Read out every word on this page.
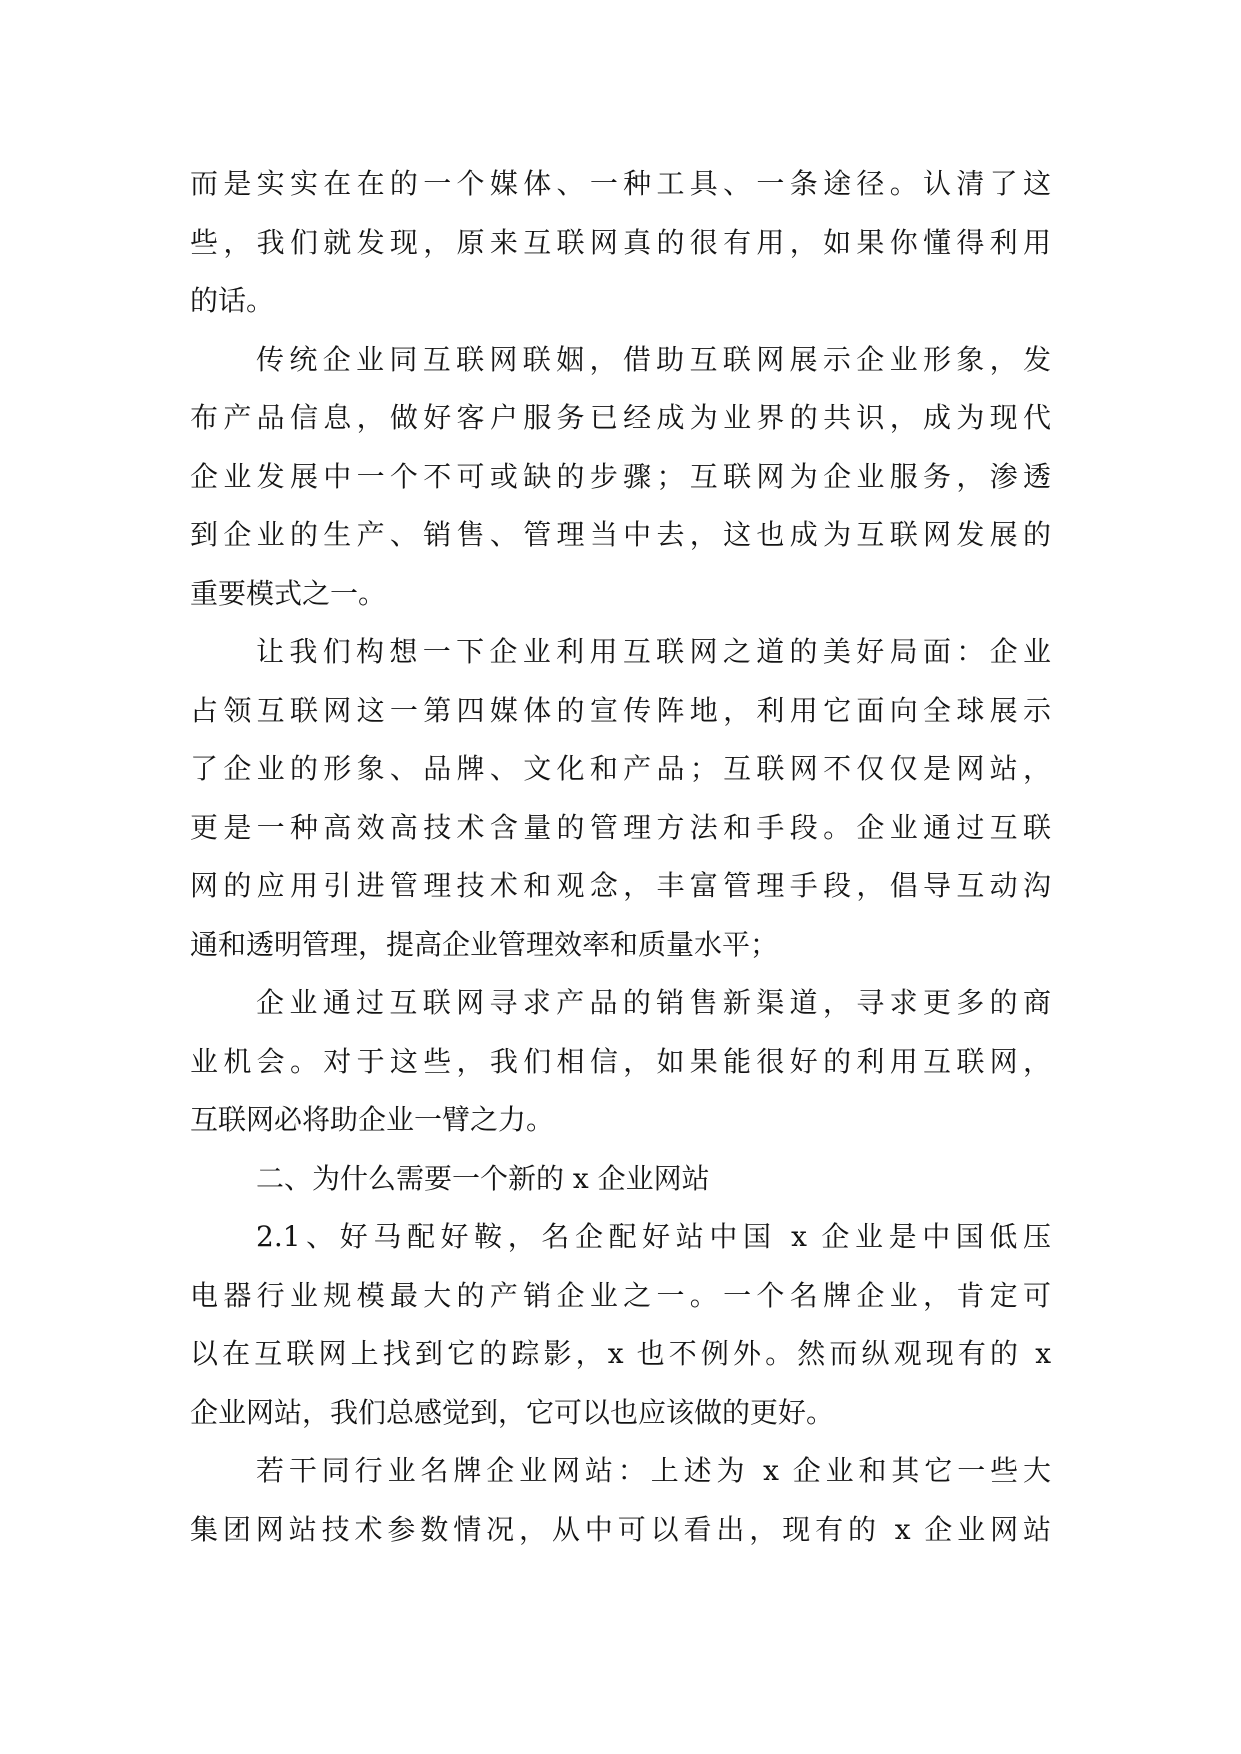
而是实实在在的一个媒体、一种工具、一条途径。认清了这
些，我们就发现，原来互联网真的很有用，如果你懂得利用
的话。
传统企业同互联网联姻，借助互联网展示企业形象，发
布产品信息，做好客户服务已经成为业界的共识，成为现代
企业发展中一个不可或缺的步骤；互联网为企业服务，渗透
到企业的生产、销售、管理当中去，这也成为互联网发展的
重要模式之一。
让我们构想一下企业利用互联网之道的美好局面：企业
占领互联网这一第四媒体的宣传阵地，利用它面向全球展示
了企业的形象、品牌、文化和产品；互联网不仅仅是网站，
更是一种高效高技术含量的管理方法和手段。企业通过互联
网的应用引进管理技术和观念，丰富管理手段，倡导互动沟
通和透明管理，提高企业管理效率和质量水平；
企业通过互联网寻求产品的销售新渠道，寻求更多的商
业机会。对于这些，我们相信，如果能很好的利用互联网，
互联网必将助企业一臂之力。
二、为什么需要一个新的 x 企业网站
2.1、好马配好鞍，名企配好站中国 x 企业是中国低压
电器行业规模最大的产销企业之一。一个名牌企业，肯定可
以在互联网上找到它的踪影，x 也不例外。然而纵观现有的 x
企业网站，我们总感觉到，它可以也应该做的更好。
若干同行业名牌企业网站：上述为 x 企业和其它一些大
集团网站技术参数情况，从中可以看出，现有的 x 企业网站
